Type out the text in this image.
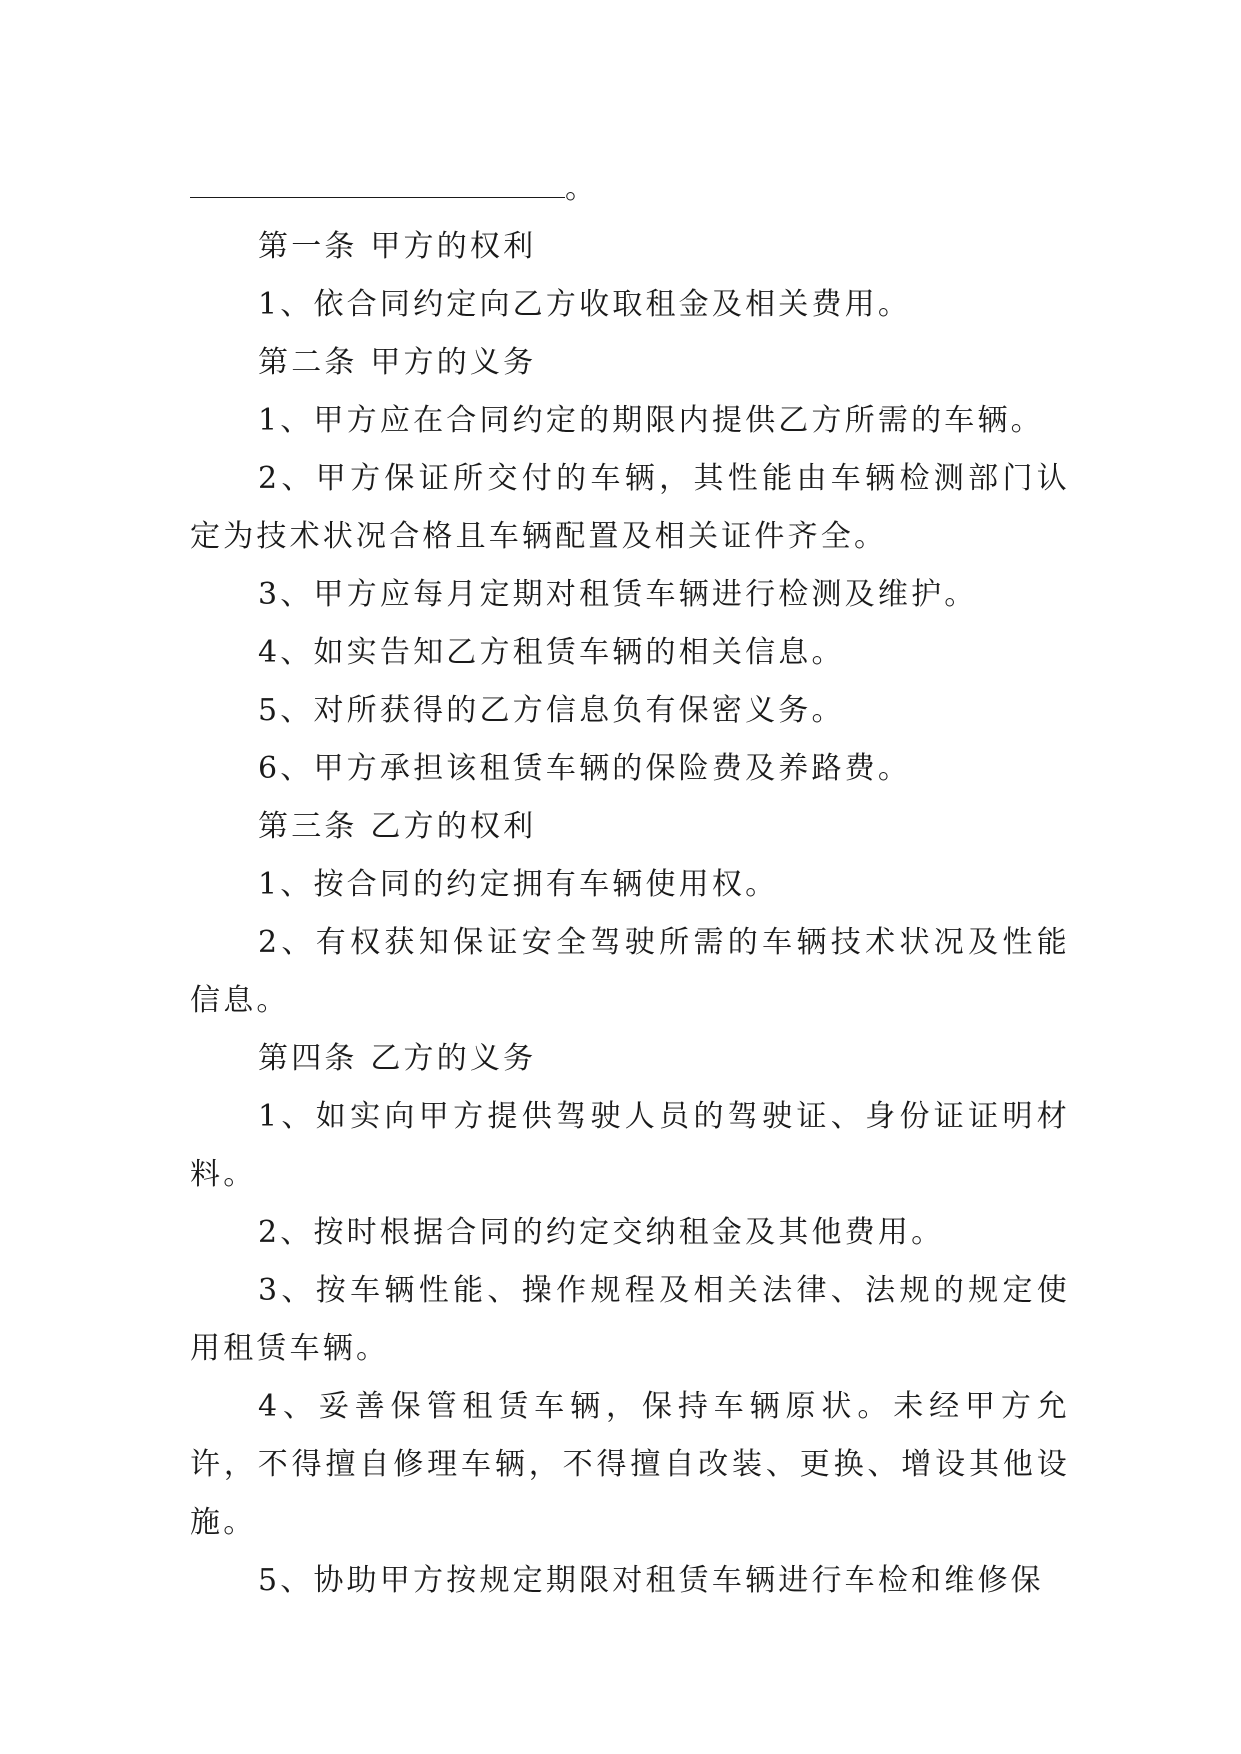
。

第一条 甲方的权利

1、依合同约定向乙方收取租金及相关费用。

第二条 甲方的义务

1、甲方应在合同约定的期限内提供乙方所需的车辆。

2、甲方保证所交付的车辆，其性能由车辆检测部门认定为技术状况合格且车辆配置及相关证件齐全。

3、甲方应每月定期对租赁车辆进行检测及维护。

4、如实告知乙方租赁车辆的相关信息。

5、对所获得的乙方信息负有保密义务。

6、甲方承担该租赁车辆的保险费及养路费。

第三条 乙方的权利

1、按合同的约定拥有车辆使用权。

2、有权获知保证安全驾驶所需的车辆技术状况及性能信息。

第四条 乙方的义务

1、如实向甲方提供驾驶人员的驾驶证、身份证证明材料。

2、按时根据合同的约定交纳租金及其他费用。

3、按车辆性能、操作规程及相关法律、法规的规定使用租赁车辆。

4、妥善保管租赁车辆，保持车辆原状。未经甲方允许，不得擅自修理车辆，不得擅自改装、更换、增设其他设施。

5、协助甲方按规定期限对租赁车辆进行车检和维修保
